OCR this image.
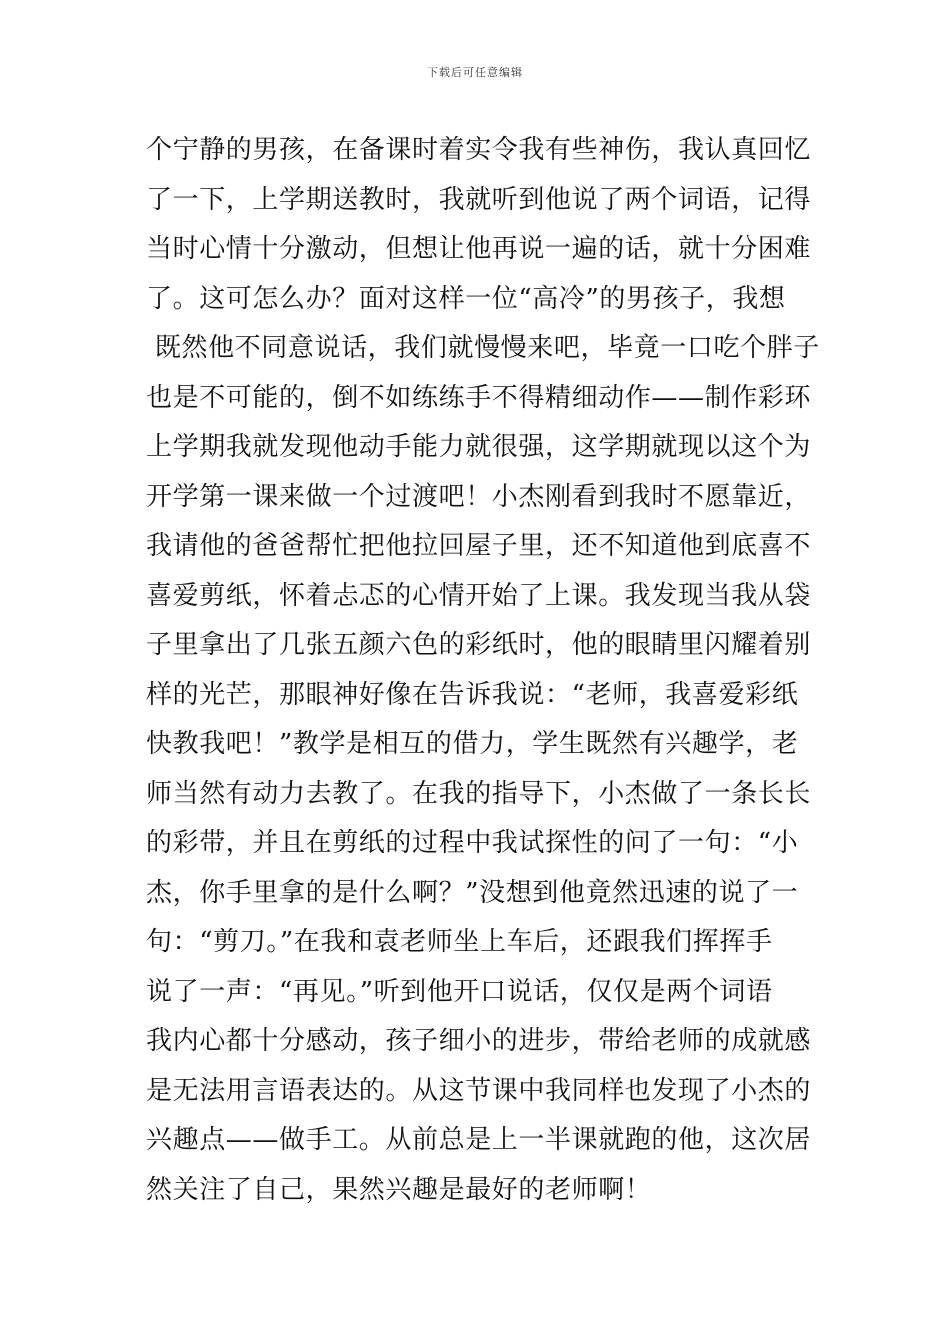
下载后可任意编辑
个宁静的男孩，在备课时着实令我有些神伤，我认真回忆
了一下，上学期送教时，我就听到他说了两个词语，记得
当时心情十分激动，但想让他再说一遍的话，就十分困难
了。这可怎么办？面对这样一位“高冷”的男孩子，我想
既然他不同意说话，我们就慢慢来吧，毕竟一口吃个胖子
也是不可能的，倒不如练练手不得精细动作——制作彩环
上学期我就发现他动手能力就很强，这学期就现以这个为
开学第一课来做一个过渡吧！小杰刚看到我时不愿靠近，
我请他的爸爸帮忙把他拉回屋子里，还不知道他到底喜不
喜爱剪纸，怀着忐忑的心情开始了上课。我发现当我从袋
子里拿出了几张五颜六色的彩纸时，他的眼睛里闪耀着别
样的光芒，那眼神好像在告诉我说：“老师，我喜爱彩纸
快教我吧！”教学是相互的借力，学生既然有兴趣学，老
师当然有动力去教了。在我的指导下，小杰做了一条长长
的彩带，并且在剪纸的过程中我试探性的问了一句：“小
杰，你手里拿的是什么啊？”没想到他竟然迅速的说了一
句：“剪刀。”在我和袁老师坐上车后，还跟我们挥挥手
说了一声：“再见。”听到他开口说话，仅仅是两个词语
我内心都十分感动，孩子细小的进步，带给老师的成就感
是无法用言语表达的。从这节课中我同样也发现了小杰的
兴趣点——做手工。从前总是上一半课就跑的他，这次居
然关注了自己，果然兴趣是最好的老师啊！
